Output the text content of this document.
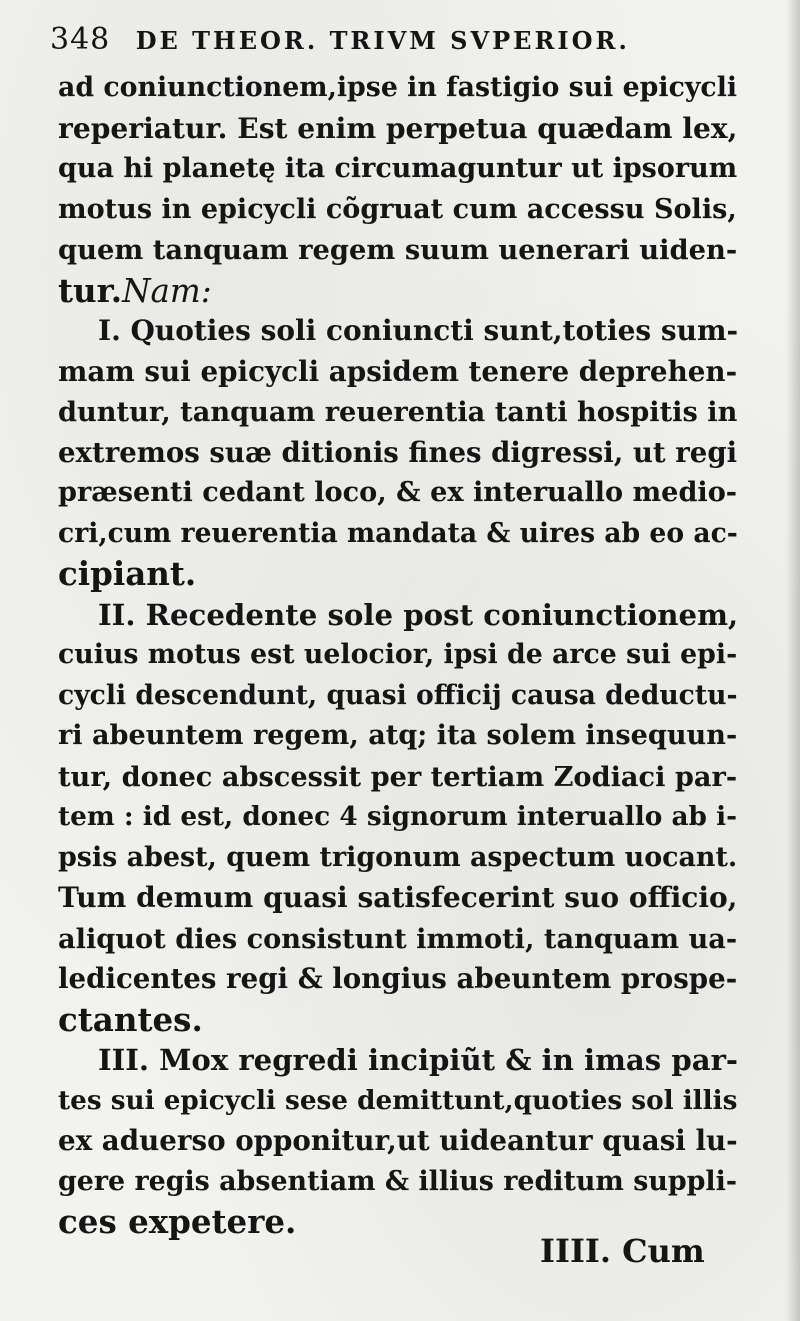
348 DE THEOR. TRIVM SVPERIOR.
ad coniunctionem,ipse in fastigio sui epicycli
reperiatur. Est enim perpetua quædam lex,
qua hi planetę ita circumaguntur ut ipsorum
motus in epicycli cõgruat cum accessu Solis,
quem tanquam regem suum uenerari uiden-
tur.Nam:
I. Quoties soli coniuncti sunt,toties sum-
mam sui epicycli apsidem tenere deprehen-
duntur, tanquam reuerentia tanti hospitis in
extremos suæ ditionis fines digressi, ut regi
præsenti cedant loco, & ex interuallo medio-
cri,cum reuerentia mandata & uires ab eo ac-
cipiant.
II. Recedente sole post coniunctionem,
cuius motus est uelocior, ipsi de arce sui epi-
cycli descendunt, quasi officij causa deductu-
ri abeuntem regem, atq; ita solem insequun-
tur, donec abscessit per tertiam Zodiaci par-
tem : id est, donec 4 signorum interuallo ab i-
psis abest, quem trigonum aspectum uocant.
Tum demum quasi satisfecerint suo officio,
aliquot dies consistunt immoti, tanquam ua-
ledicentes regi & longius abeuntem prospe-
ctantes.
III. Mox regredi incipiũt & in imas par-
tes sui epicycli sese demittunt,quoties sol illis
ex aduerso opponitur,ut uideantur quasi lu-
gere regis absentiam & illius reditum suppli-
ces expetere.
IIII. Cum
